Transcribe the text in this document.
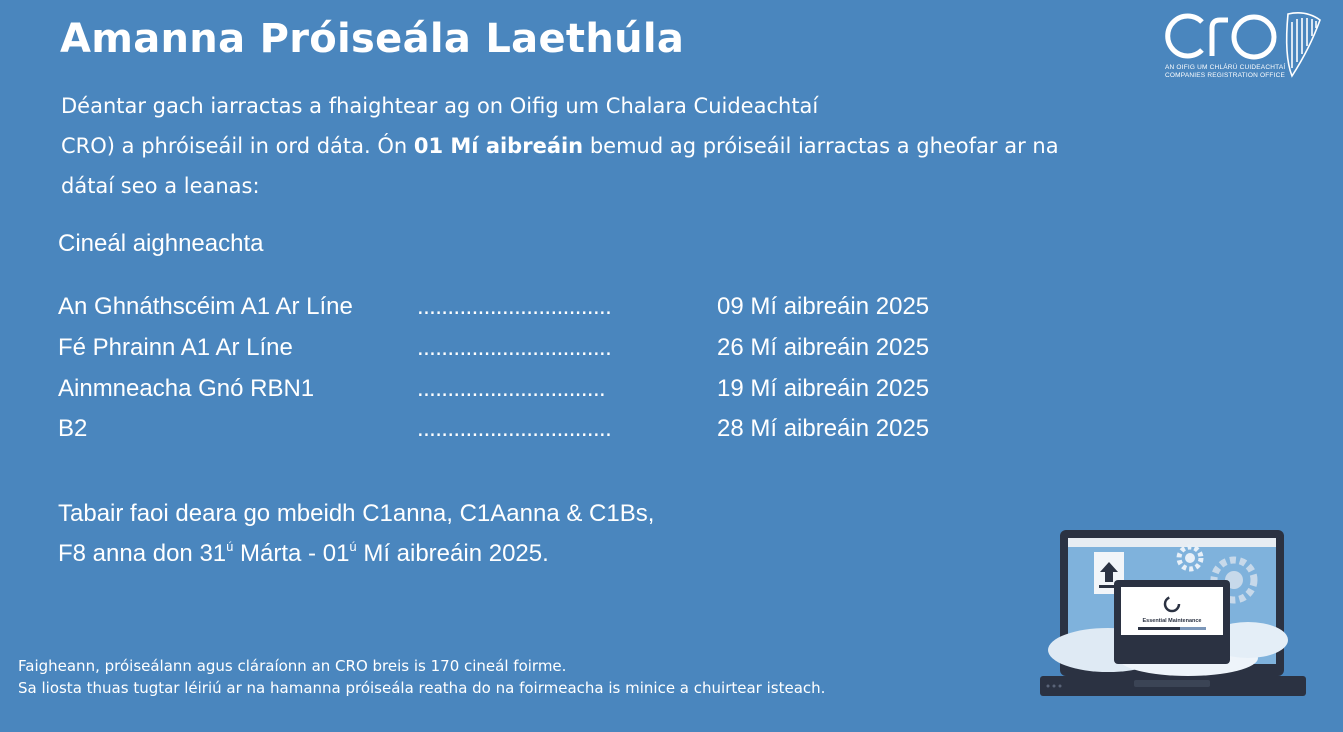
Amanna Próiseála Laethúla
AN OIFIG UM CHLÁRÚ CUIDEACHTAÍ
COMPANIES REGISTRATION OFFICE
Déantar gach iarractas a fhaightear ag on Oifig um Chalara Cuideachtaí
CRO) a phróiseáil in ord dáta. Ón 01 Mí aibreáin bemud ag próiseáil iarractas a gheofar ar na
dátaí seo a leanas:
Cineál aighneachta
An Ghnáthscéim A1 Ar Líne	................................	09 Mí aibreáin 2025
Fé Phrainn A1 Ar Líne	................................	26 Mí aibreáin 2025
Ainmneacha Gnó RBN1	...............................	19 Mí aibreáin 2025
B2	................................	28 Mí aibreáin 2025
Tabair faoi deara go mbeidh C1anna, C1Aanna & C1Bs,
F8 anna don $31^ú$ Márta - $01^ú$ Mí aibreáin 2025.
Faigheann, próiseálann agus cláraíonn an CRO breis is 170 cineál foirme.
Sa liosta thuas tugtar léiriú ar na hamanna próiseála reatha do na foirmeacha is minice a chuirtear isteach.
Essential Maintenance
